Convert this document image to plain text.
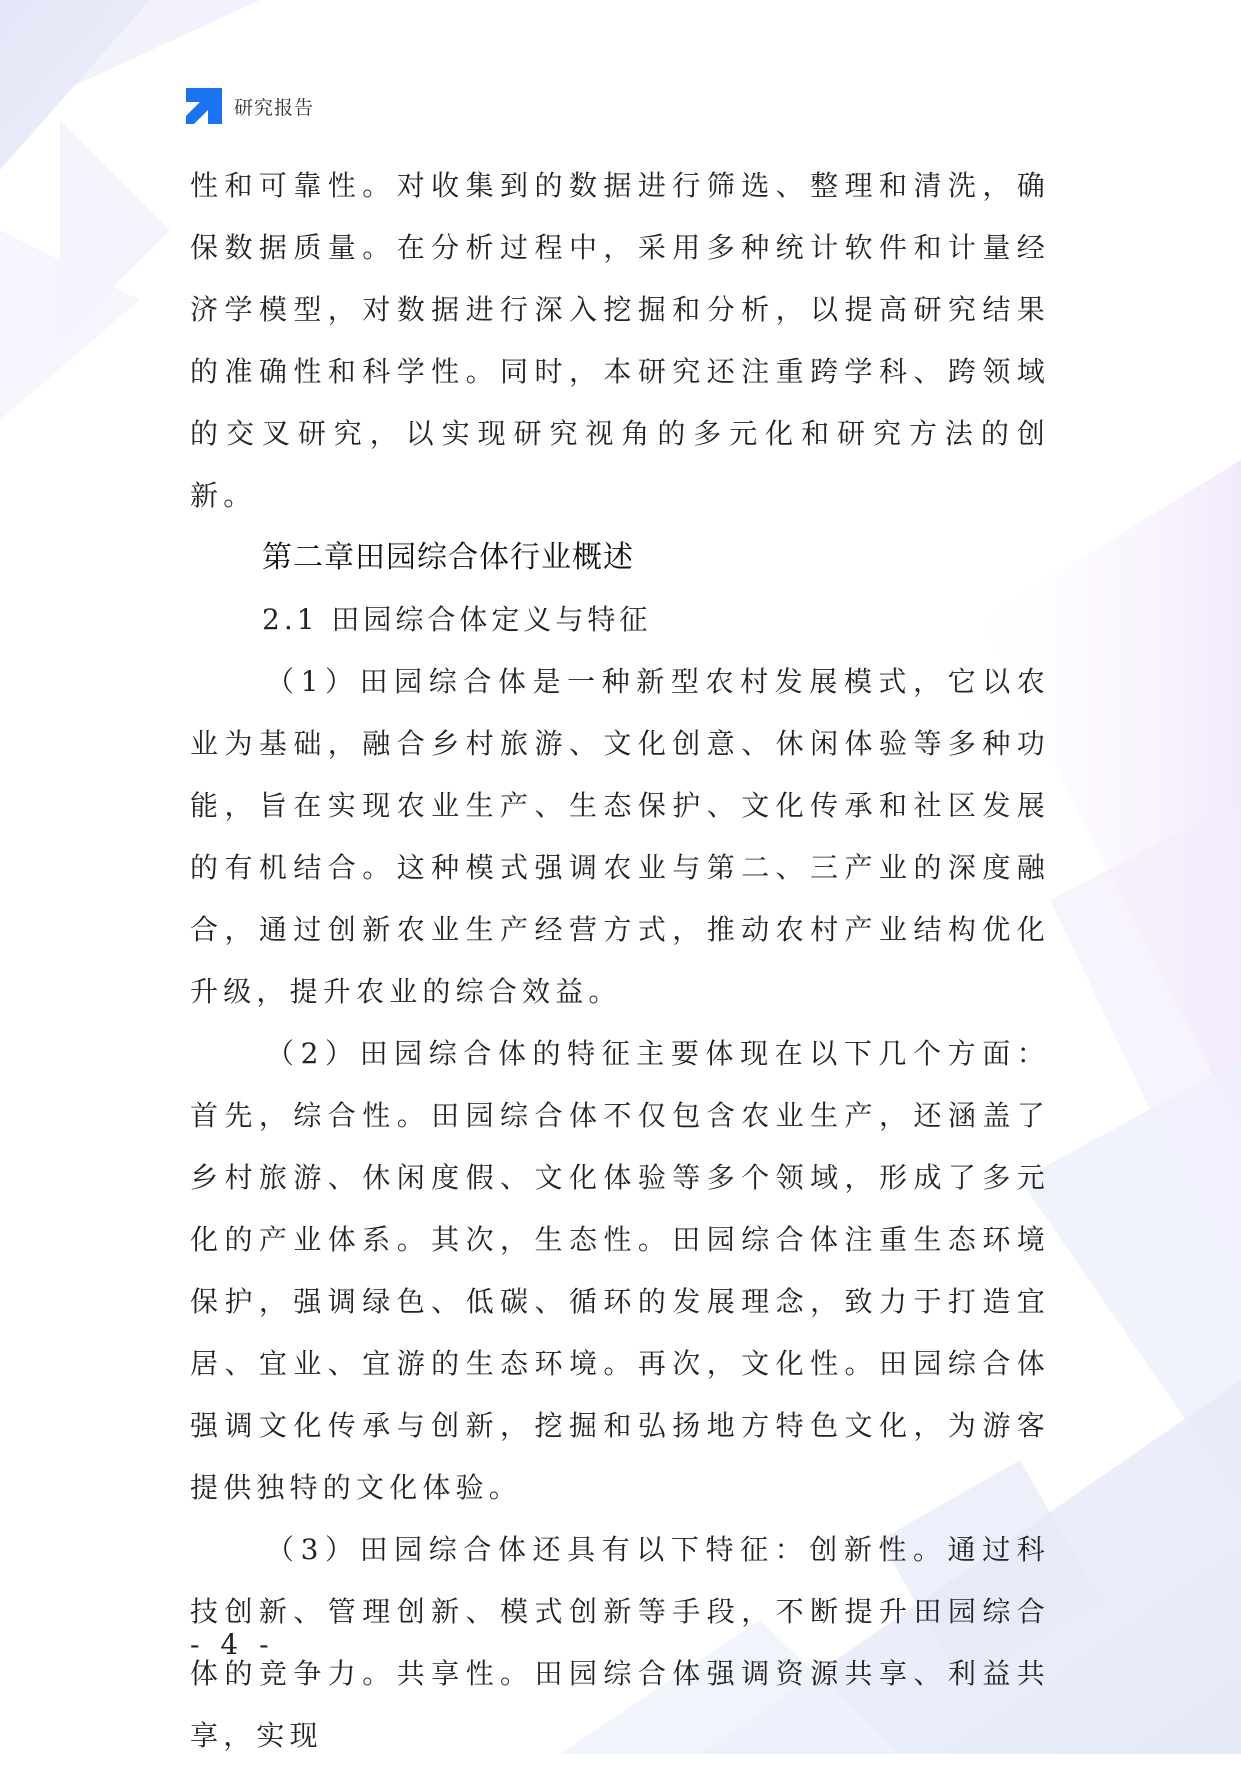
研究报告

性和可靠性。对收集到的数据进行筛选、整理和清洗，确保数据质量。在分析过程中，采用多种统计软件和计量经济学模型，对数据进行深入挖掘和分析，以提高研究结果的准确性和科学性。同时，本研究还注重跨学科、跨领域的交叉研究，以实现研究视角的多元化和研究方法的创新。

第二章田园综合体行业概述
2.1 田园综合体定义与特征

（1）田园综合体是一种新型农村发展模式，它以农业为基础，融合乡村旅游、文化创意、休闲体验等多种功能，旨在实现农业生产、生态保护、文化传承和社区发展的有机结合。这种模式强调农业与第二、三产业的深度融合，通过创新农业生产经营方式，推动农村产业结构优化升级，提升农业的综合效益。

（2）田园综合体的特征主要体现在以下几个方面：首先，综合性。田园综合体不仅包含农业生产，还涵盖了乡村旅游、休闲度假、文化体验等多个领域，形成了多元化的产业体系。其次，生态性。田园综合体注重生态环境保护，强调绿色、低碳、循环的发展理念，致力于打造宜居、宜业、宜游的生态环境。再次，文化性。田园综合体强调文化传承与创新，挖掘和弘扬地方特色文化，为游客提供独特的文化体验。

（3）田园综合体还具有以下特征：创新性。通过科技创新、管理创新、模式创新等手段，不断提升田园综合体的竞争力。共享性。田园综合体强调资源共享、利益共享，实现

- 4 -
